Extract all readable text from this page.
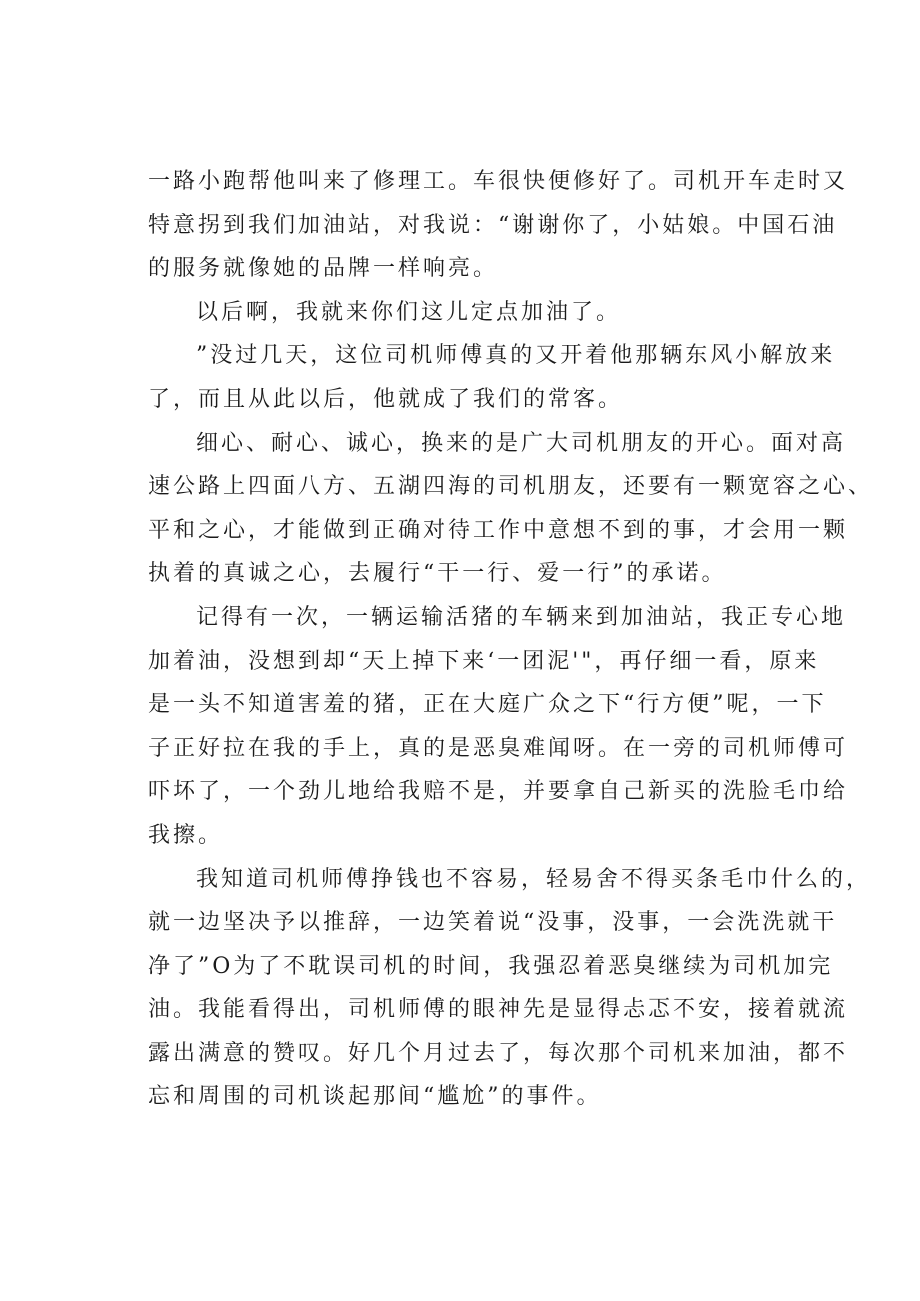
一路小跑帮他叫来了修理工。车很快便修好了。司机开车走时又
特意拐到我们加油站，对我说：“谢谢你了，小姑娘。中国石油
的服务就像她的品牌一样响亮。
以后啊，我就来你们这儿定点加油了。
”没过几天，这位司机师傅真的又开着他那辆东风小解放来
了，而且从此以后，他就成了我们的常客。
细心、耐心、诚心，换来的是广大司机朋友的开心。面对高
速公路上四面八方、五湖四海的司机朋友，还要有一颗宽容之心、
平和之心，才能做到正确对待工作中意想不到的事，才会用一颗
执着的真诚之心，去履行“干一行、爱一行”的承诺。
记得有一次，一辆运输活猪的车辆来到加油站，我正专心地
加着油，没想到却“天上掉下来‘一团泥'"，再仔细一看，原来
是一头不知道害羞的猪，正在大庭广众之下“行方便”呢，一下
子正好拉在我的手上，真的是恶臭难闻呀。在一旁的司机师傅可
吓坏了，一个劲儿地给我赔不是，并要拿自己新买的洗脸毛巾给
我擦。
我知道司机师傅挣钱也不容易，轻易舍不得买条毛巾什么的，
就一边坚决予以推辞，一边笑着说“没事，没事，一会洗洗就干
净了”O为了不耽误司机的时间，我强忍着恶臭继续为司机加完
油。我能看得出，司机师傅的眼神先是显得忐忑不安，接着就流
露出满意的赞叹。好几个月过去了，每次那个司机来加油，都不
忘和周围的司机谈起那间“尴尬”的事件。
